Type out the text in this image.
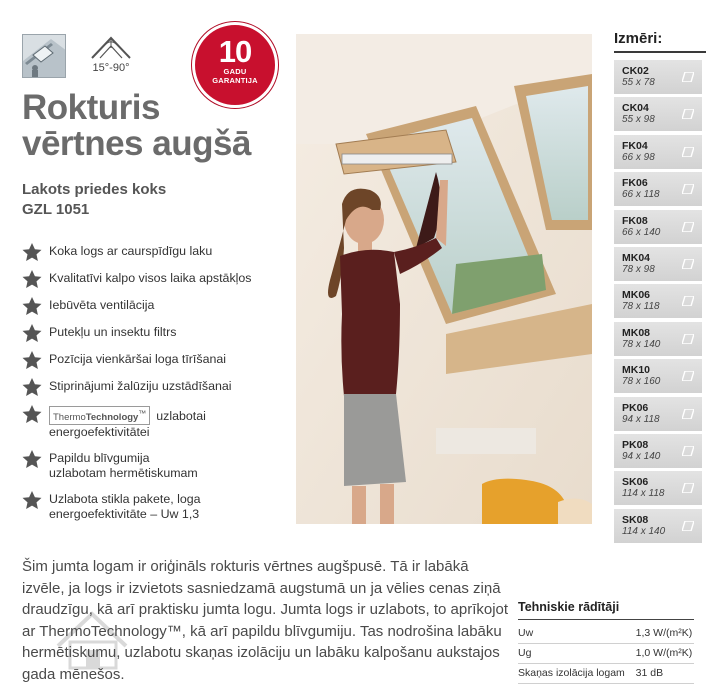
15°-90°	10
GADU
GARANTIJA
Rokturis
vērtnes augšā
Lakots priedes koks
GZL 1051
Koka logs ar caurspīdīgu laku
Kvalitatīvi kalpo visos laika apstākļos
Iebūvēta ventilācija
Putekļu un insektu filtrs
Pozīcija vienkāršai loga tīrīšanai
Stiprinājumi žalūziju uzstādīšanai
ThermoTechnology™ uzlabotai
energoefektivitātei
Papildu blīvgumija
uzlabotam hermētiskumam
Uzlabota stikla pakete, loga
energoefektivitāte – Uw 1,3
Izmēri:
CK02
55 x 78
CK04
55 x 98
FK04
66 x 98
FK06
66 x 118
FK08
66 x 140
MK04
78 x 98
MK06
78 x 118
MK08
78 x 140
MK10
78 x 160
PK06
94 x 118
PK08
94 x 140
SK06
114 x 118
SK08
114 x 140

Šim jumta logam ir oriģināls rokturis vērtnes augšpusē. Tā ir labākā izvēle, ja logs ir izvietots sasniedzamā augstumā un ja vēlies cenas ziņā draudzīgu, kā arī praktisku jumta logu. Jumta logs ir uzlabots, to aprīkojot ar ThermoTechnology™, kā arī papildu blīvgumiju. Tas nodrošina labāku hermētiskumu, uzlabotu skaņas izolāciju un labāku kalpošanu aukstajos gada mēnešos.

Tehniskie rādītāji
Uw	1,3 W/(m²K)
Ug	1,0 W/(m²K)
Skaņas izolācija logam	31 dB
